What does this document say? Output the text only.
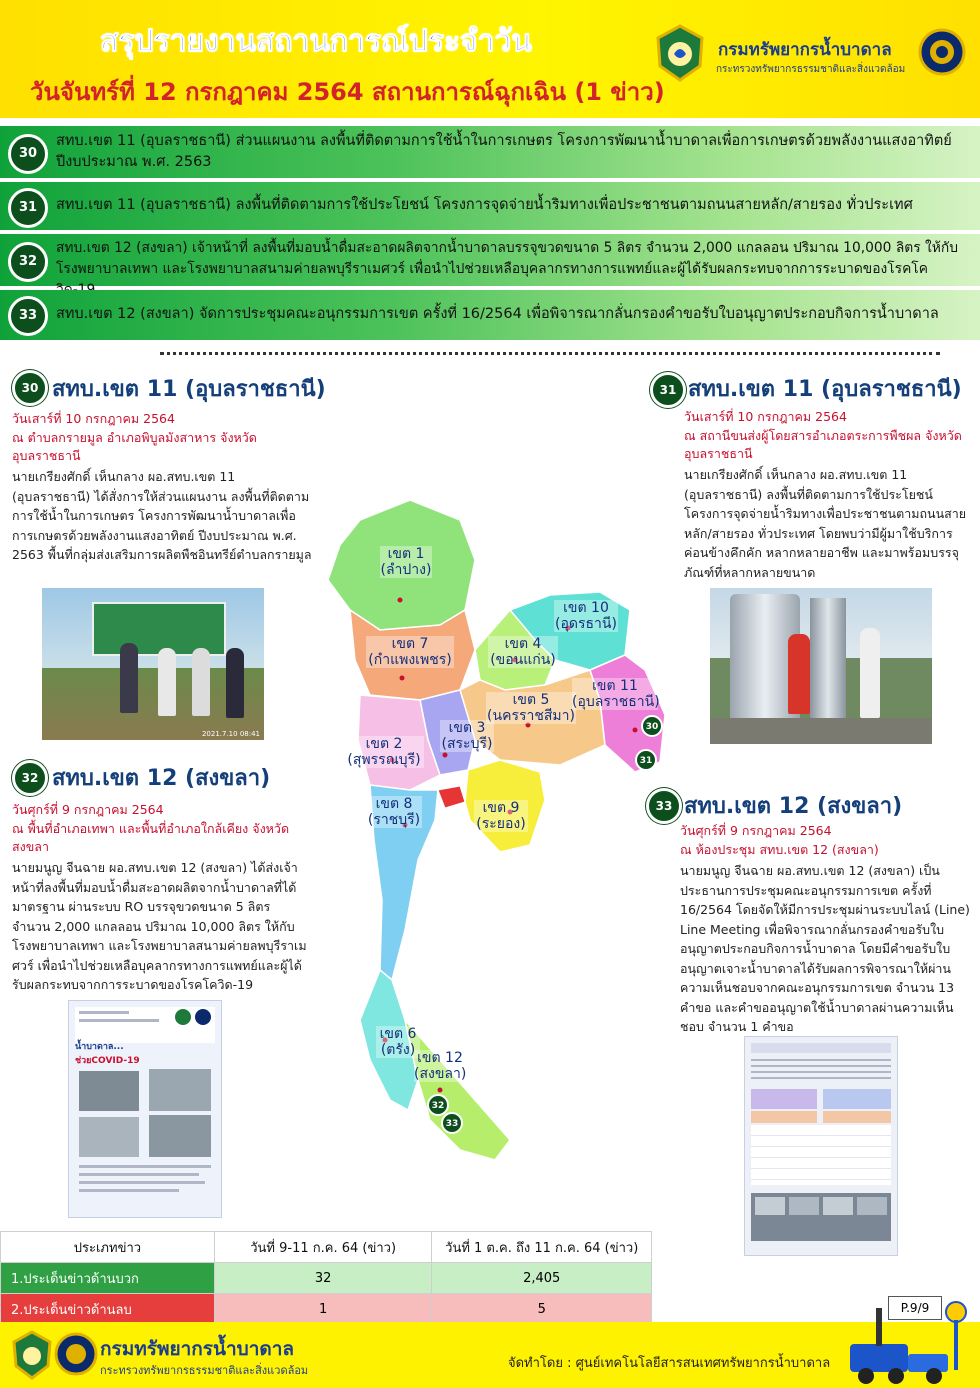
สรุปรายงานสถานการณ์ประจำวัน
วันจันทร์ที่ 12 กรกฎาคม 2564 สถานการณ์ฉุกเฉิน (1 ข่าว)
กรมทรัพยากรน้ำบาดาล
กระทรวงทรัพยากรธรรมชาติและสิ่งแวดล้อม
30
สทบ.เขต 11 (อุบลราชธานี) ส่วนแผนงาน ลงพื้นที่ติดตามการใช้น้ำในการเกษตร โครงการพัฒนาน้ำบาดาลเพื่อการเกษตรด้วยพลังงานแสงอาทิตย์ ปีงบประมาณ พ.ศ. 2563
31	สทบ.เขต 11 (อุบลราชธานี) ลงพื้นที่ติดตามการใช้ประโยชน์ โครงการจุดจ่ายน้ำริมทางเพื่อประชาชนตามถนนสายหลัก/สายรอง ทั่วประเทศ
32
สทบ.เขต 12 (สงขลา) เจ้าหน้าที่ ลงพื้นที่มอบน้ำดื่มสะอาดผลิตจากน้ำบาดาลบรรจุขวดขนาด 5 ลิตร จำนวน 2,000 แกลลอน ปริมาณ 10,000 ลิตร ให้กับ โรงพยาบาลเทพา และโรงพยาบาลสนามค่ายลพบุรีราเมศวร์ เพื่อนำไปช่วยเหลือบุคลากรทางการแพทย์และผู้ได้รับผลกระทบจากการระบาดของโรคโค
33	สทบ.เขต 12 (สงขลา) จัดการประชุมคณะอนุกรรมการเขต ครั้งที่ 16/2564 เพื่อพิจารณากลั่นกรองคำขอรับใบอนุญาตประกอบกิจการน้ำบาดาล
30
31
32
33
เขต 1
(ลำปาง)
เขต 7
(กำแพงเพชร)
เขต 4
(ขอนแก่น)
เขต 10
(อุดรธานี)
เขต 5
(นครราชสีมา)
เขต 11
(อุบลราชธานี)
เขต 3
(สระบุรี)
เขต 2
(สุพรรณบุรี)
เขต 8
(ราชบุรี)
เขต 9
(ระยอง)
เขต 6
(ตรัง) เขต 12
(สงขลา)
30 สทบ.เขต 11 (อุบลราชธานี)
วันเสาร์ที่ 10 กรกฎาคม 2564
ณ ตำบลกรายมูล อำเภอพิบูลมังสาหาร จังหวัดอุบลราชธานี
นายเกรียงศักดิ์ เห็นกลาง ผอ.สทบ.เขต 11 (อุบลราชธานี) ได้สั่งการให้ส่วนแผนงาน ลงพื้นที่ติดตามการใช้น้ำในการเกษตร โครงการพัฒนาน้ำบาดาลเพื่อการเกษตรด้วยพลังงานแสงอาทิตย์ ปีงบประมาณ พ.ศ. 2563 พื้นที่กลุ่มส่งเสริมการผลิตพืชอินทรีย์ตำบลกรายมูล
2021.7.10 08:41
31 สทบ.เขต 11 (อุบลราชธานี)
วันเสาร์ที่ 10 กรกฎาคม 2564
ณ สถานีขนส่งผู้โดยสารอำเภอตระการพืชผล จังหวัดอุบลราชธานี
นายเกรียงศักดิ์ เห็นกลาง ผอ.สทบ.เขต 11 (อุบลราชธานี) ลงพื้นที่ติดตามการใช้ประโยชน์ โครงการจุดจ่ายน้ำริมทางเพื่อประชาชนตามถนนสายหลัก/สายรอง ทั่วประเทศ โดยพบว่ามีผู้มาใช้บริการค่อนข้างคึกคัก หลากหลายอาชีพ และมาพร้อมบรรจุภัณฑ์ที่หลากหลายขนาด
32 สทบ.เขต 12 (สงขลา)
วันศุกร์ที่ 9 กรกฎาคม 2564
ณ พื้นที่อำเภอเทพา และพื้นที่อำเภอใกล้เคียง จังหวัดสงขลา
นายมนูญ จีนฉาย ผอ.สทบ.เขต 12 (สงขลา) ได้ส่งเจ้าหน้าที่ลงพื้นที่มอบน้ำดื่มสะอาดผลิตจากน้ำบาดาลที่ได้มาตรฐาน ผ่านระบบ RO บรรจุขวดขนาด 5 ลิตร จำนวน 2,000 แกลลอน ปริมาณ 10,000 ลิตร ให้กับ โรงพยาบาลเทพา และโรงพยาบาลสนามค่ายลพบุรีราเมศวร์ เพื่อนำไปช่วยเหลือบุคลากรทางการแพทย์และผู้ได้รับผลกระทบจากการระบาดของโรคโควิด-19
น้ำบาดาล...
ช่วยCOVID-19
33 สทบ.เขต 12 (สงขลา)
วันศุกร์ที่ 9 กรกฎาคม 2564
ณ ห้องประชุม สทบ.เขต 12 (สงขลา)
นายมนูญ จีนฉาย ผอ.สทบ.เขต 12 (สงขลา) เป็นประธานการประชุมคณะอนุกรรมการเขต ครั้งที่ 16/2564 โดยจัดให้มีการประชุมผ่านระบบไลน์ (Line) Line Meeting เพื่อพิจารณากลั่นกรองคำขอรับใบอนุญาตประกอบกิจการน้ำบาดาล โดยมีคำขอรับใบอนุญาตเจาะน้ำบาดาลได้รับผลการพิจารณาให้ผ่านความเห็นชอบจากคณะอนุกรรมการเขต จำนวน 13 คำขอ และคำขออนุญาตใช้น้ำบาดาลผ่านความเห็นชอบ จำนวน 1 คำขอ
ประเภทข่าว	วันที่ 9-11 ก.ค. 64 (ข่าว)	วันที่ 1 ต.ค. ถึง 11 ก.ค. 64 (ข่าว)
1.ประเด็นข่าวด้านบวก	32	2,405
2.ประเด็นข่าวด้านลบ	1	5	P.9/9
กรมทรัพยากรน้ำบาดาล
กระทรวงทรัพยากรธรรมชาติและสิ่งแวดล้อม	จัดทำโดย : ศูนย์เทคโนโลยีสารสนเทศทรัพยากรน้ำบาดาล
